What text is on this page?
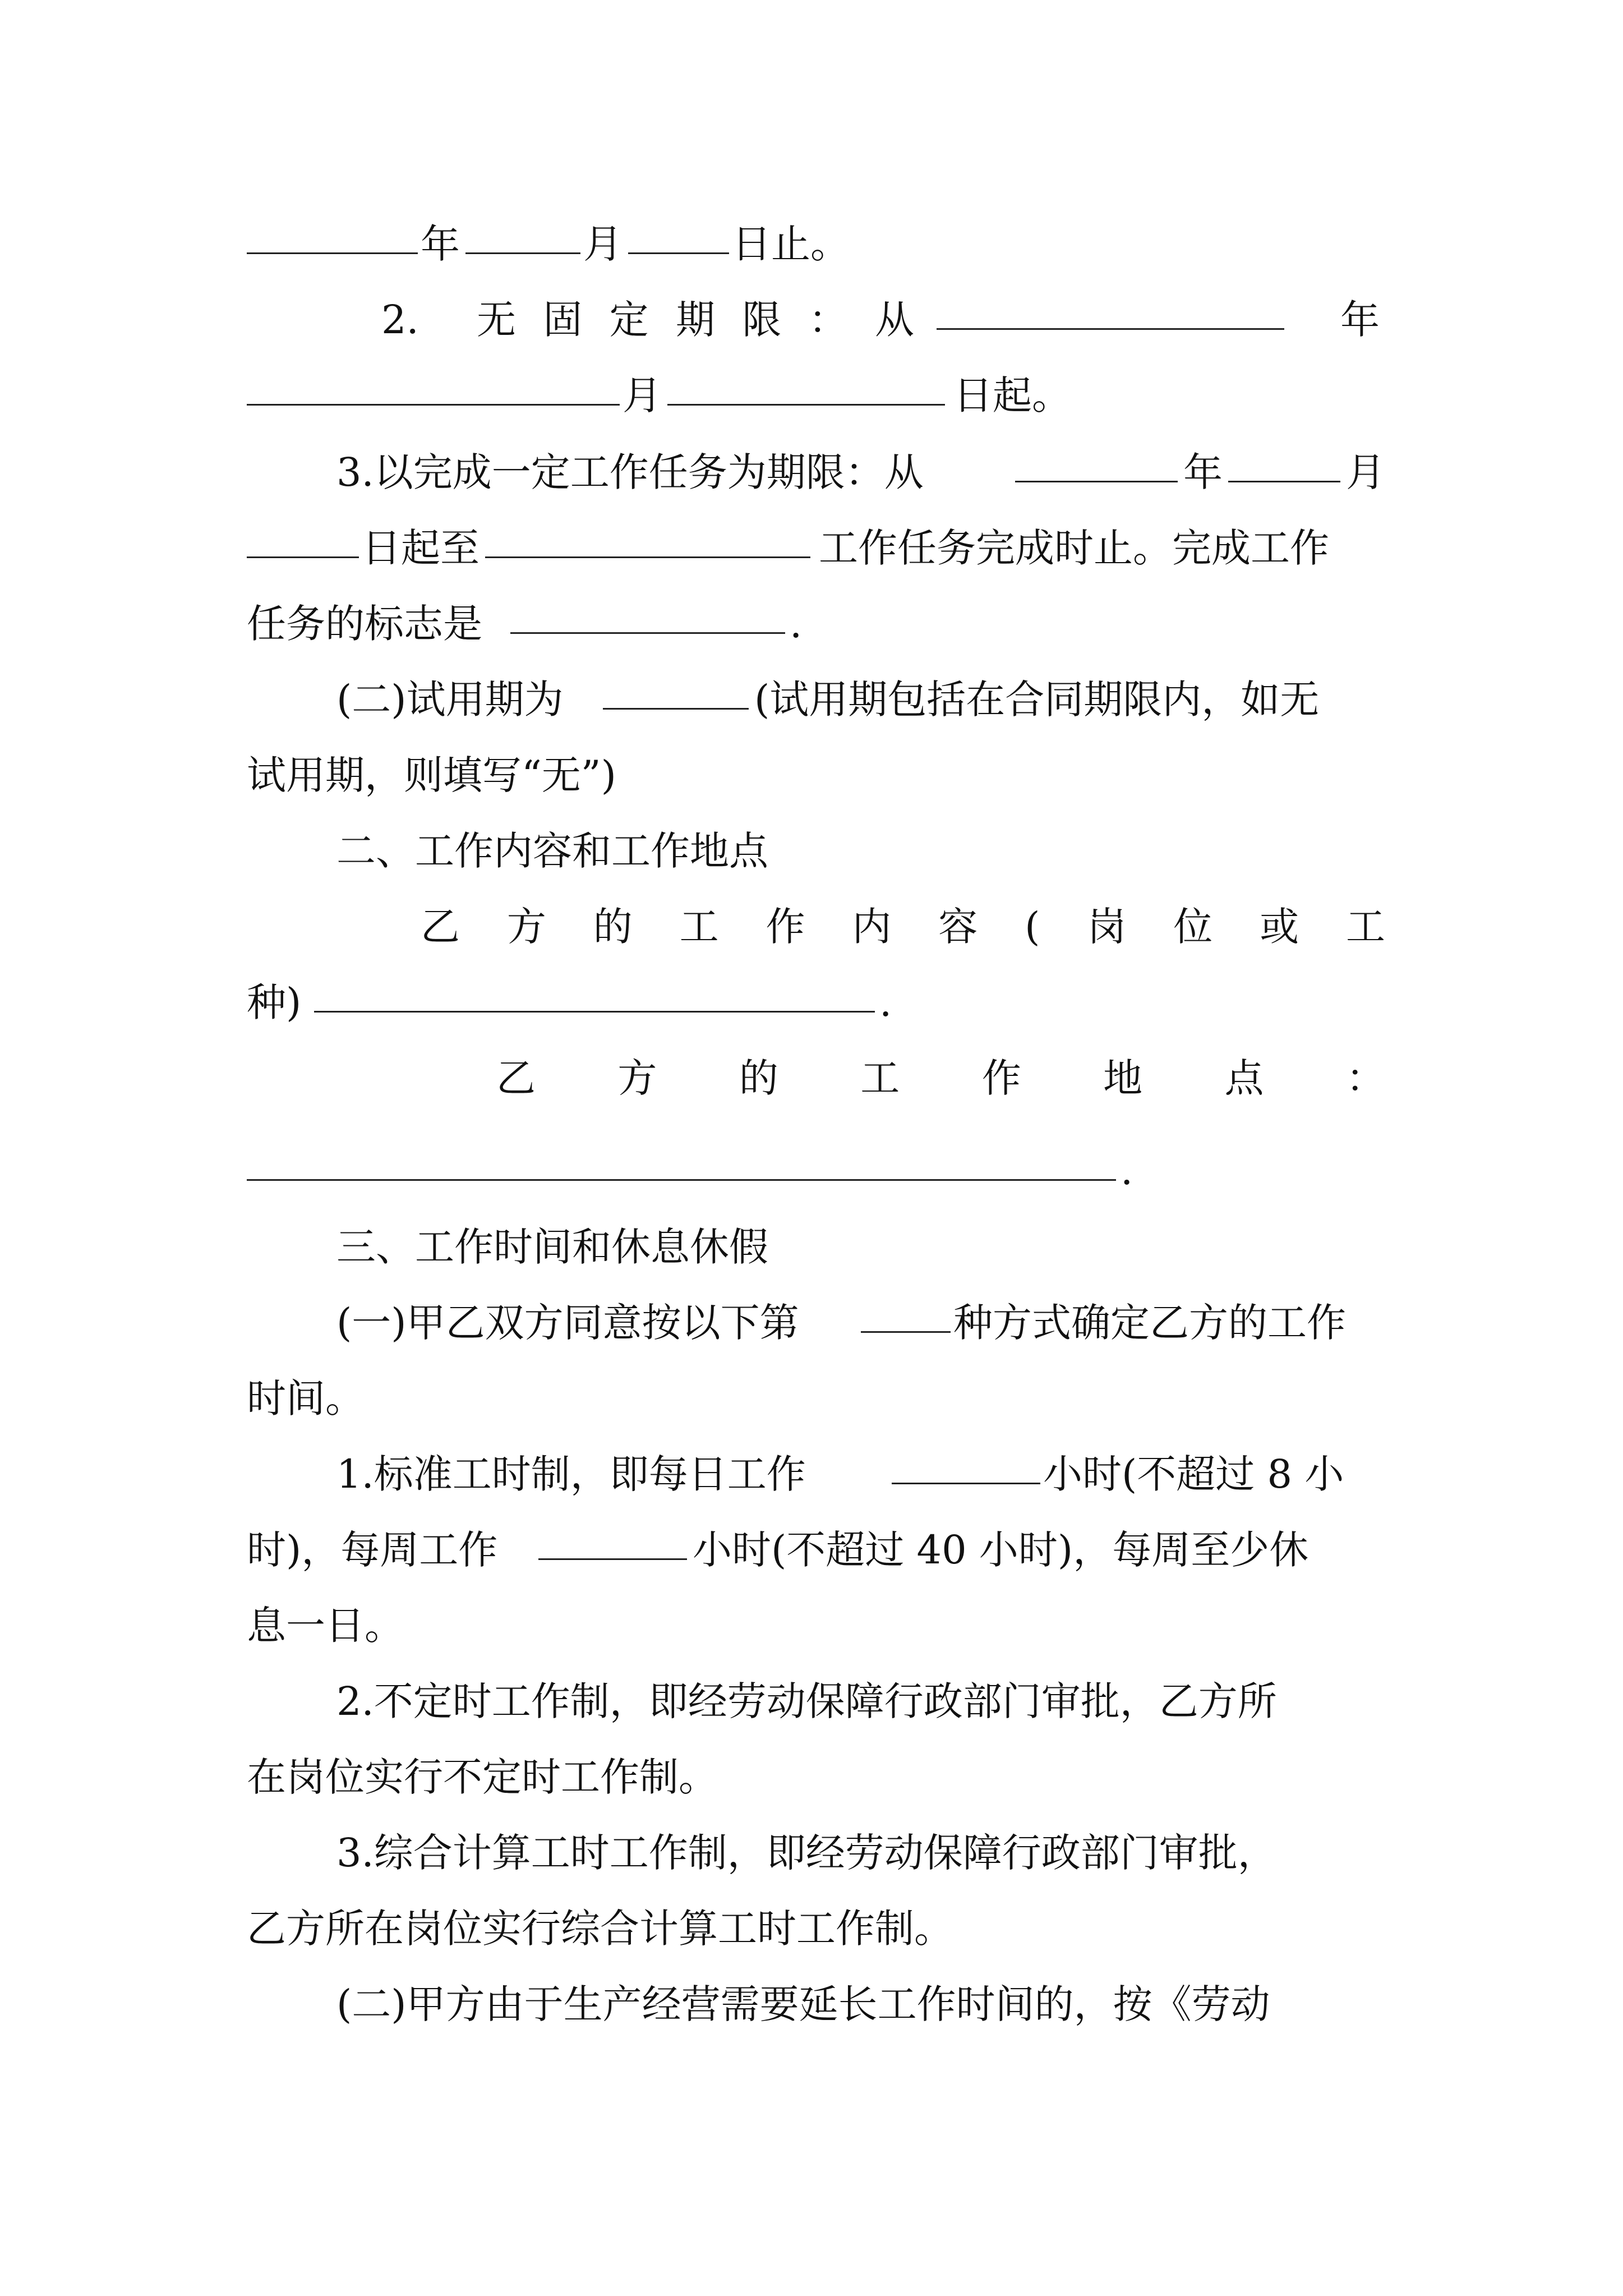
年	月	日止。
2. 无 固 定 期 限 ： 从	年
月	日起。
3.以完成一定工作任务为期限：从	年	月
日起至	工作任务完成时止。完成工作
任务的标志是	.
(二)试用期为	(试用期包括在合同期限内，如无
试用期，则填写“无”)
二、工作内容和工作地点
乙 方 的 工 作 内 容 ( 岗 位 或 工
种)	.
乙 方 的 工 作 地 点 ：
.
三、工作时间和休息休假
(一)甲乙双方同意按以下第	种方式确定乙方的工作
时间。
1.标准工时制，即每日工作	小时(不超过 8 小
时)，每周工作	小时(不超过 40 小时)，每周至少休
息一日。
2.不定时工作制，即经劳动保障行政部门审批，乙方所
在岗位实行不定时工作制。
3.综合计算工时工作制，即经劳动保障行政部门审批，
乙方所在岗位实行综合计算工时工作制。
(二)甲方由于生产经营需要延长工作时间的，按《劳动
